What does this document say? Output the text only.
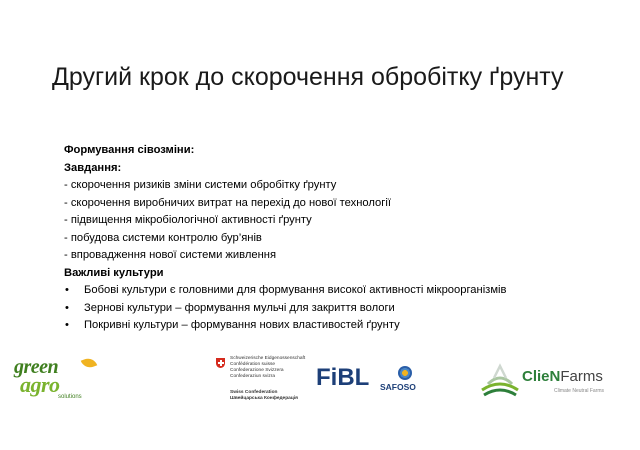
Другий крок до скорочення обробітку ґрунту
Формування сівозміни:
Завдання:
- скорочення ризиків зміни системи обробітку ґрунту
- скорочення виробничих витрат на перехід до нової технології
- підвищення мікробіологічної активності ґрунту
- побудова системи контролю бур’янів
- впровадження нової системи живлення
Важливі культури
• Бобові культури є головними для формування високої активності мікроорганізмів
• Зернові культури – формування мульчі для закриття вологи
• Покривні культури – формування нових властивостей ґрунту
green
agro
solutions
Schweizerische Eidgenossenschaft
Confédération suisse
Confederazione Svizzera
Confederaziun svizra
Swiss Confederation
Швейцарська Конфедерація
FiBL SAFOSO
ClieNFarms
Climate Neutral Farms
